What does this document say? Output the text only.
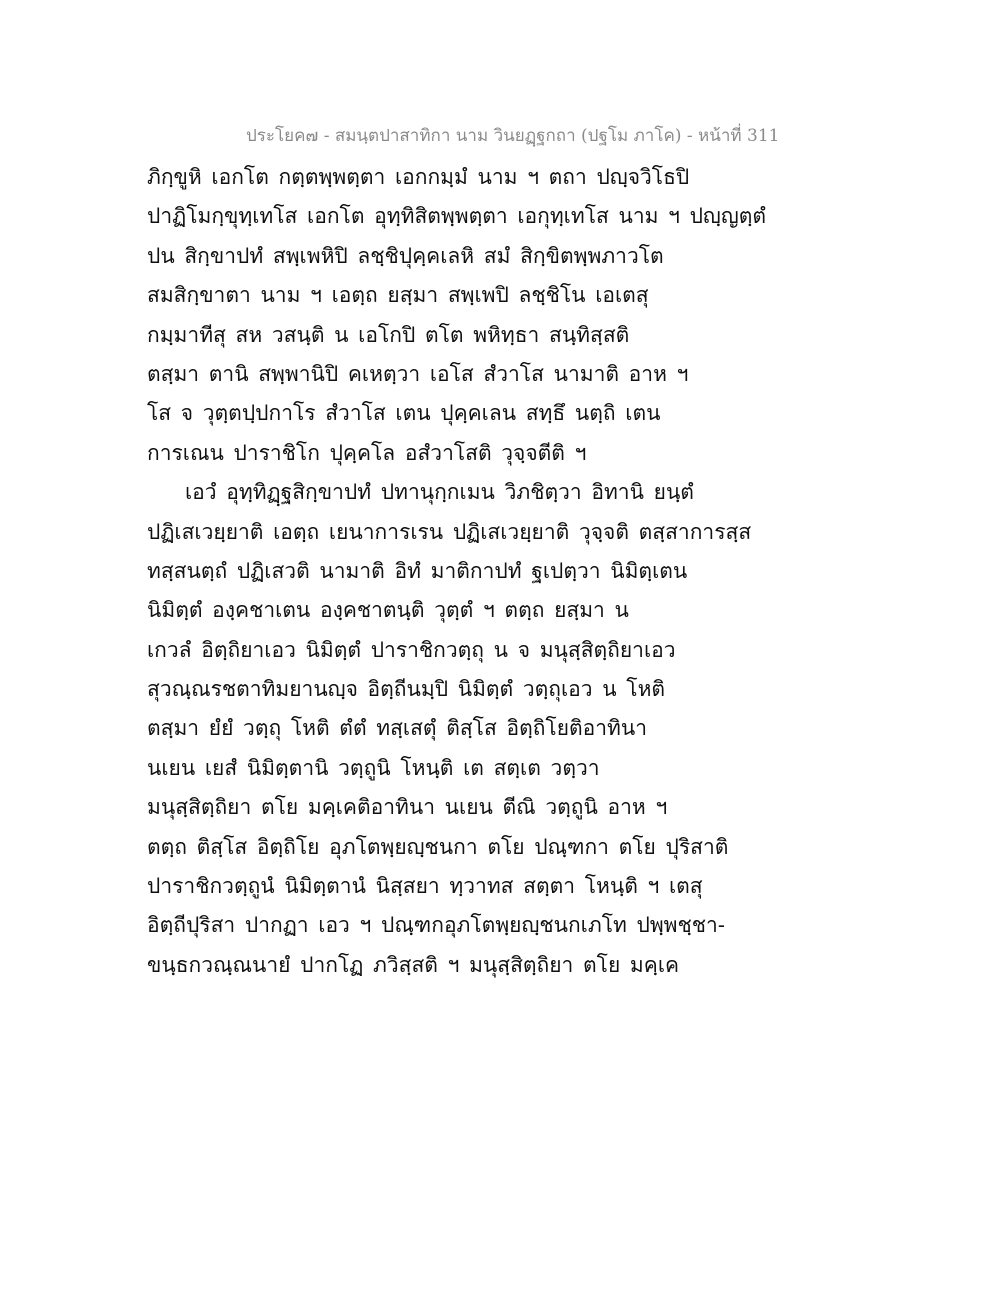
ประโยค๗ - สมนฺตปาสาทิกา นาม วินยฏฺฐกถา (ปฐโม ภาโค) - หน้าที่ 311
ภิกฺขูหิ เอกโต กตฺตพฺพตฺตา เอกกมฺมํ นาม ฯ ตถา ปญฺจวิโธปิ
ปาฏิโมกฺขุทฺเทโส เอกโต อุทฺทิสิตพฺพตฺตา เอกุทฺเทโส นาม ฯ ปญฺญตฺตํ
ปน สิกฺขาปทํ สพฺเพหิปิ ลชฺชิปุคฺคเลหิ สมํ สิกฺขิตพฺพภาวโต
สมสิกฺขาตา นาม ฯ เอตฺถ ยสฺมา สพฺเพปิ ลชฺชิโน เอเตสุ
กมฺมาทีสุ สห วสนฺติ น เอโกปิ ตโต พหิทฺธา สนฺทิสฺสติ
ตสฺมา ตานิ สพฺพานิปิ คเหตฺวา เอโส สํวาโส นามาติ อาห ฯ
โส จ วุตฺตปฺปกาโร สํวาโส เตน ปุคฺคเลน สทฺธึ นตฺถิ เตน
การเณน ปาราชิโก ปุคฺคโล อสํวาโสติ วุจฺจตีติ ฯ
เอวํ อุทฺทิฏฺฐสิกฺขาปทํ ปทานุกฺกเมน วิภชิตฺวา อิทานิ ยนฺตํ
ปฏิเสเวยฺยาติ เอตฺถ เยนาการเรน ปฏิเสเวยฺยาติ วุจฺจติ ตสฺสาการสฺส
ทสฺสนตฺถํ ปฏิเสวติ นามาติ อิทํ มาติกาปทํ ฐเปตฺวา นิมิตฺเตน
นิมิตฺตํ องฺคชาเตน องฺคชาตนฺติ วุตฺตํ ฯ ตตฺถ ยสฺมา น
เกวลํ อิตฺถิยาเอว นิมิตฺตํ ปาราชิกวตฺถุ น จ มนุสฺสิตฺถิยาเอว
สุวณฺณรชตาทิมยานญฺจ อิตฺถีนมฺปิ นิมิตฺตํ วตฺถุเอว น โหติ
ตสฺมา ยํยํ วตฺถุ โหติ ตํตํ ทสฺเสตุํ ติสฺโส อิตฺถิโยติอาทินา
นเยน เยสํ นิมิตฺตานิ วตฺถูนิ โหนฺติ เต สตฺเต วตฺวา
มนุสฺสิตฺถิยา ตโย มคฺเคติอาทินา นเยน ตีณิ วตฺถูนิ อาห ฯ
ตตฺถ ติสฺโส อิตฺถิโย อุภโตพฺยญฺชนกา ตโย ปณฺฑกา ตโย ปุริสาติ
ปาราชิกวตฺถูนํ นิมิตฺตานํ นิสฺสยา ทฺวาทส สตฺตา โหนฺติ ฯ เตสุ
อิตฺถีปุริสา ปากฏา เอว ฯ ปณฺฑกอุภโตพฺยญฺชนกเภโท ปพฺพชฺชา-
ขนฺธกวณฺณนายํ ปากโฏ ภวิสฺสติ ฯ มนุสฺสิตฺถิยา ตโย มคฺเค
